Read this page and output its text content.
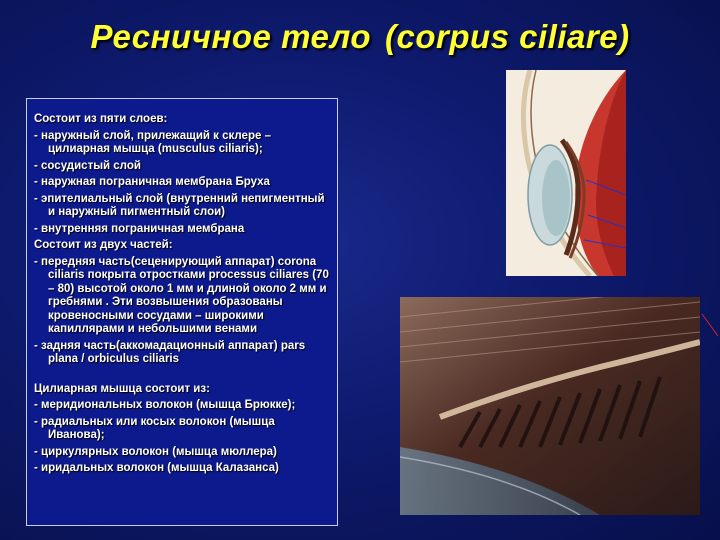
Ресничное тело (corpus ciliare)

Состоит из пяти слоев:

- наружный слой, прилежащий к склере – цилиарная мышца (musculus ciliaris);

- сосудистый слой

- наружная пограничная мембрана Бруха

- эпителиальный слой (внутренний непигментный и наружный пигментный слои)

- внутренняя пограничная мембрана

Состоит из двух частей:

- передняя часть(сеценирующий аппарат) corona ciliaris покрыта отростками processus ciliares (70 – 80) высотой около 1 мм и длиной около 2 мм и гребнями . Эти возвышения образованы кровеносными сосудами – широкими капиллярами и небольшими венами

- задняя часть(аккомадационный аппарат) pars plana / orbiculus ciliaris

Цилиарная мышца состоит из:

- меридиональных волокон (мышца Брюкке);

- радиальных или косых волокон (мышца Иванова);

- циркулярных волокон (мышца мюллера)

- иридальных волокон (мышца Калазанса)
